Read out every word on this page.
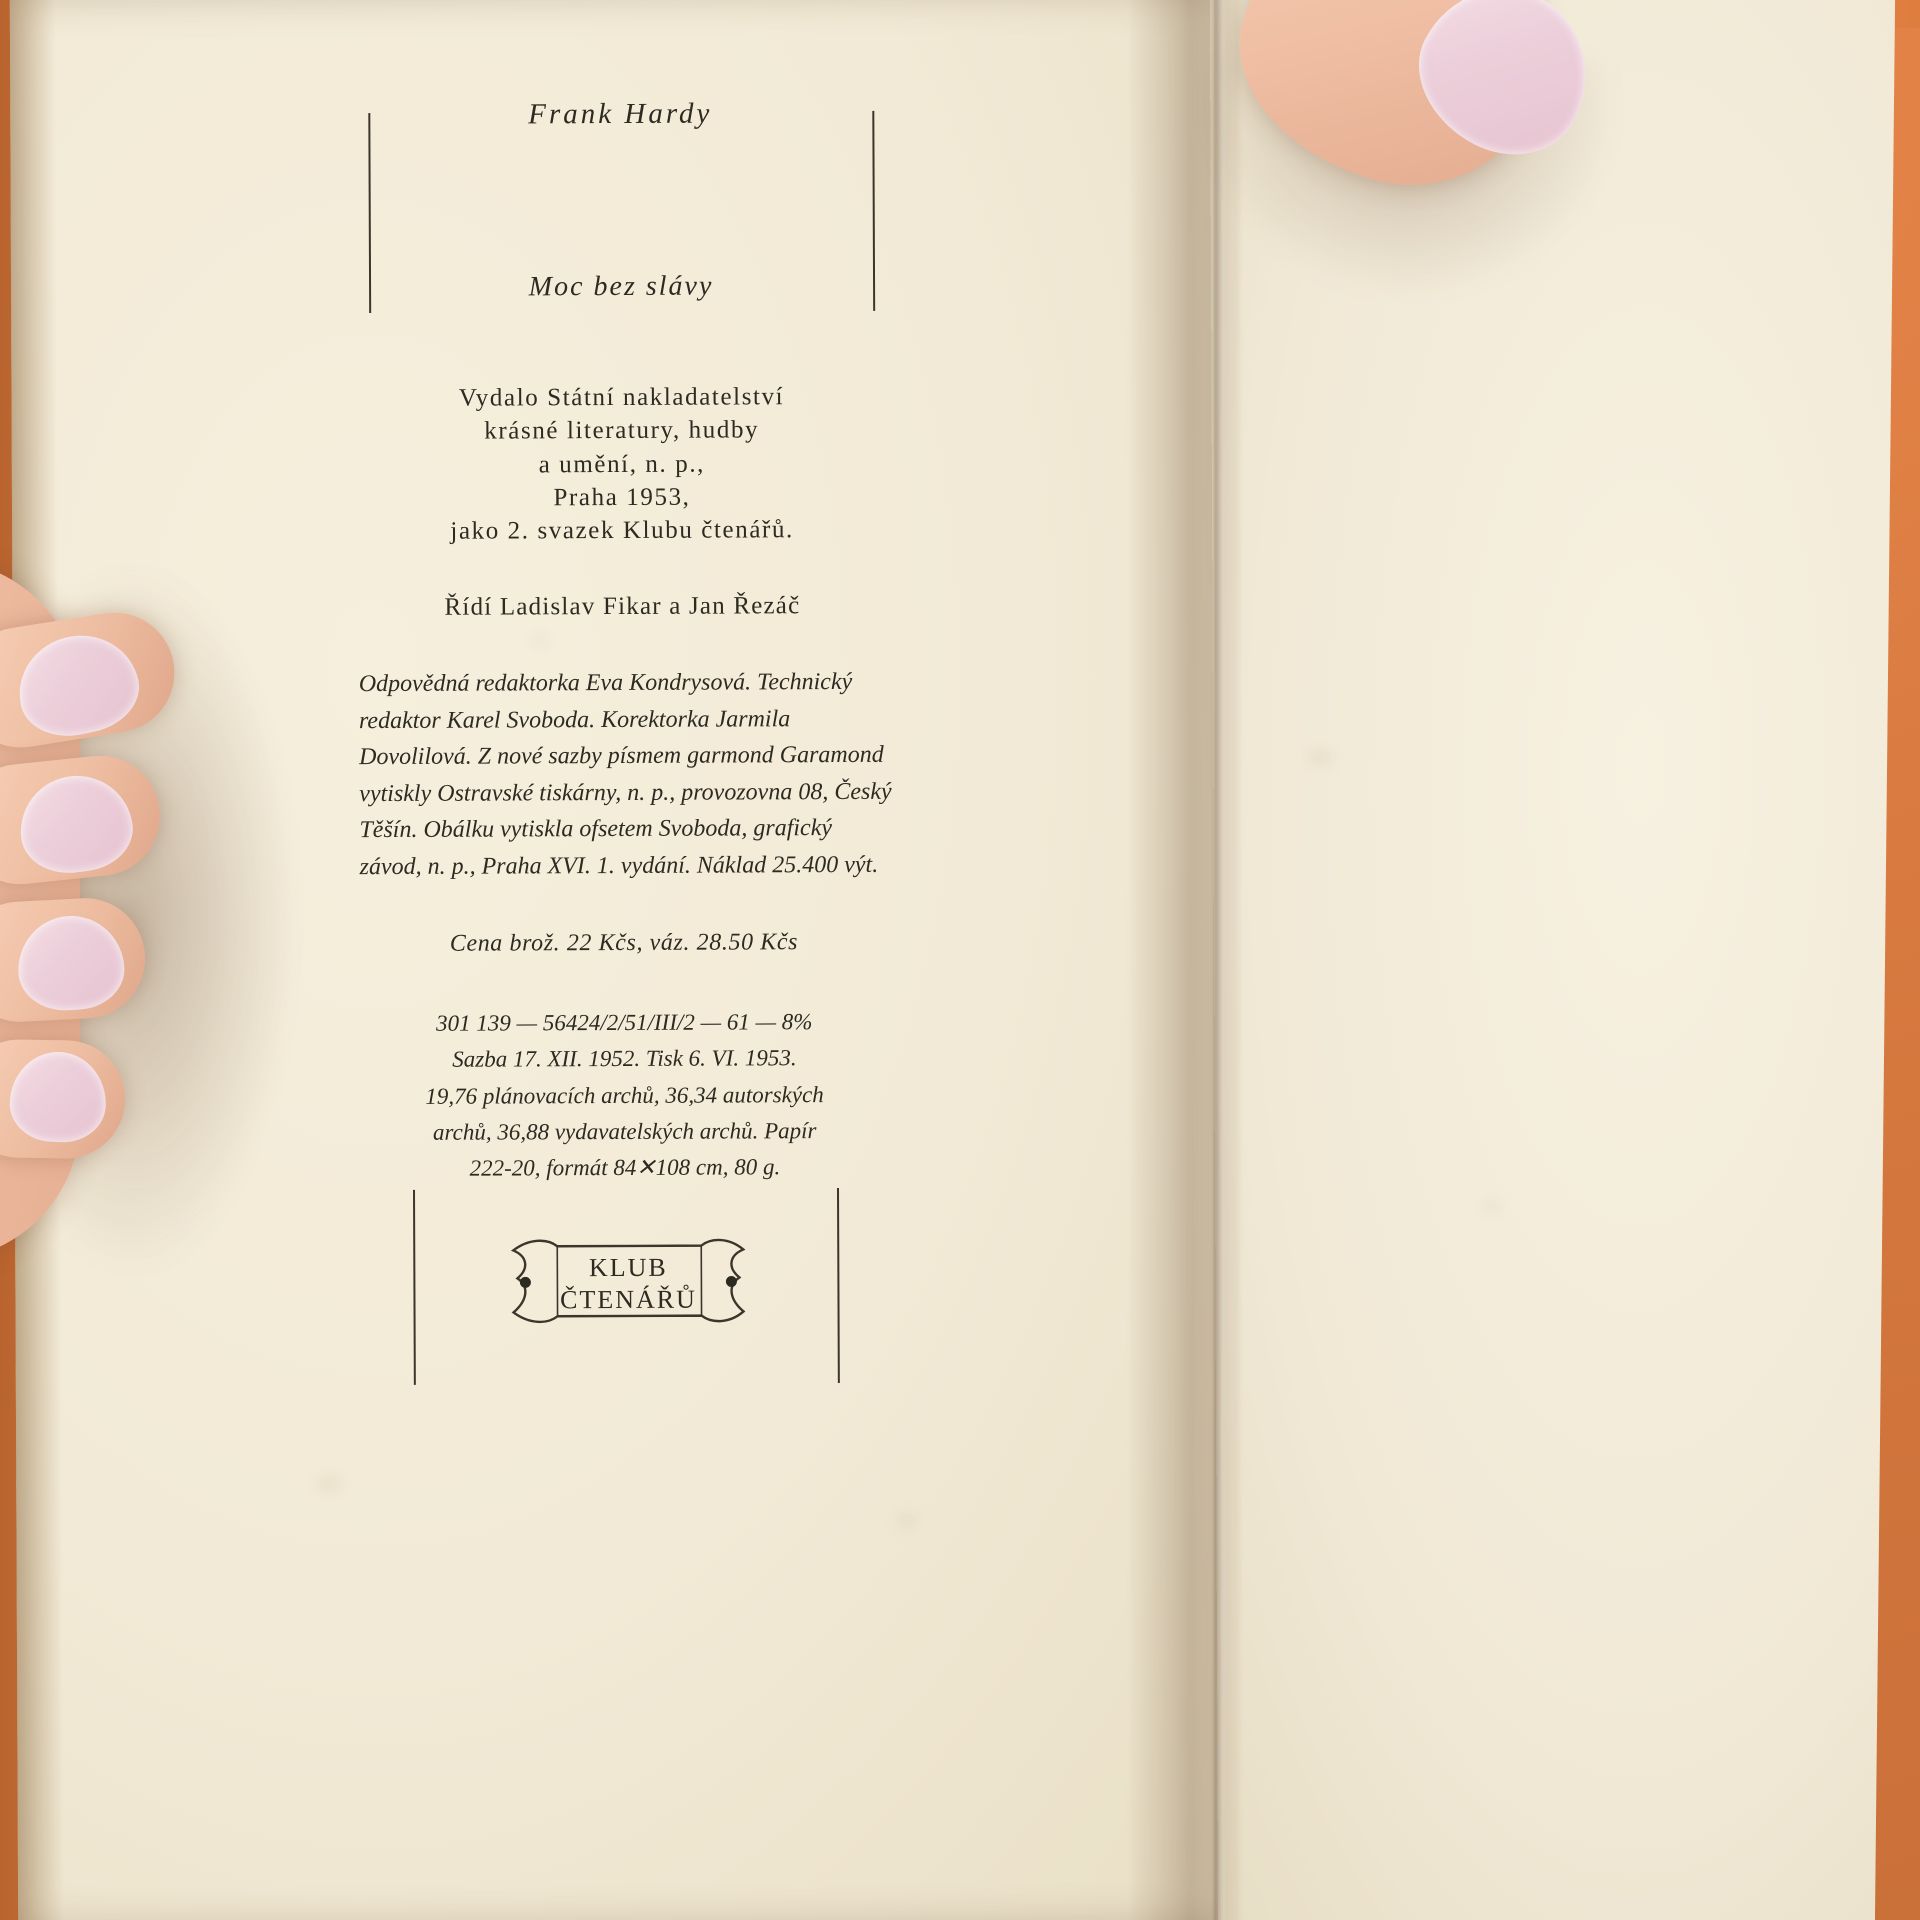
Frank Hardy
Moc bez slávy
Vydalo Státní nakladatelství
krásné literatury, hudby
a umění, n. p.,
Praha 1953,
jako 2. svazek Klubu čtenářů.
Řídí Ladislav Fikar a Jan Řezáč
Odpovědná redaktorka Eva Kondrysová. Technický redaktor Karel Svoboda. Korektorka Jarmila Dovolilová. Z nové sazby písmem garmond Garamond vytiskly Ostravské tiskárny, n. p., provozovna 08, Český Těšín. Obálku vytiskla ofsetem Svoboda, grafický závod, n. p., Praha XVI. 1. vydání. Náklad 25.400 výt.
Cena brož. 22 Kčs, váz. 28.50 Kčs
301 139 — 56424/2/51/III/2 — 61 — 8%
Sazba 17. XII. 1952. Tisk 6. VI. 1953.
19,76 plánovacích archů, 36,34 autorských
archů, 36,88 vydavatelských archů. Papír
222-20, formát 84✕108 cm, 80 g.
KLUB
ČTENÁŘŮ
